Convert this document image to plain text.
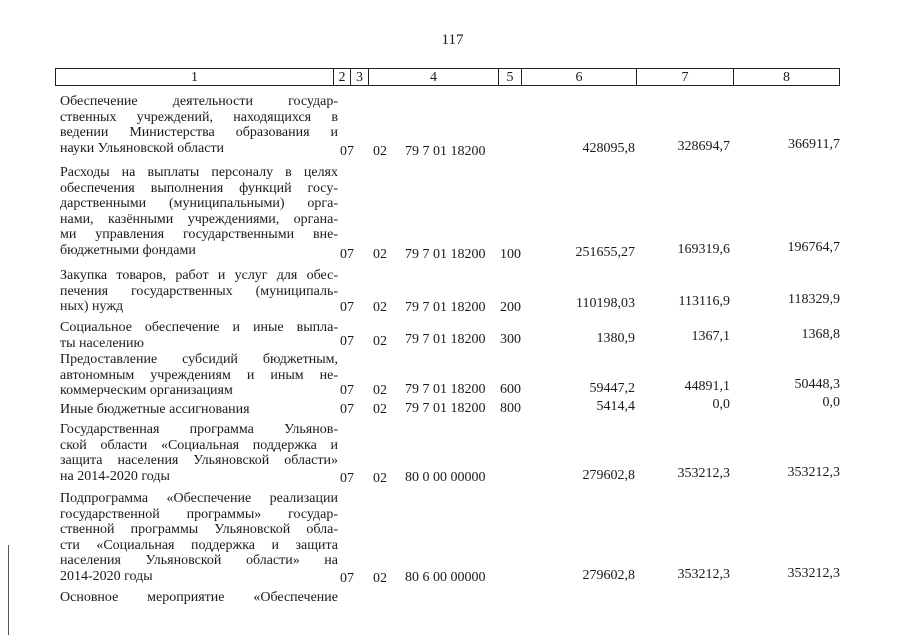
117
1	2 3	4	5	6	7	8
Обеспечение деятельности государ-
ственных учреждений, находящихся в
ведении Министерства образования и
науки Ульяновской области	07 02 79 7 01 18200	428095,8	328694,7	366911,7
Расходы на выплаты персоналу в целях
обеспечения выполнения функций госу-
дарственными (муниципальными) орга-
нами, казёнными учреждениями, органа-
ми управления государственными вне-
бюджетными фондами	07 02 79 7 01 18200 100	251655,27	169319,6	196764,7
Закупка товаров, работ и услуг для обес-
печения государственных (муниципаль-
ных) нужд	07 02 79 7 01 18200 200	110198,03	113116,9	118329,9
Социальное обеспечение и иные выпла-
ты населению	07 02 79 7 01 18200 300	1380,9	1367,1	1368,8
Предоставление субсидий бюджетным,
автономным учреждениям и иным не-
коммерческим организациям	07 02 79 7 01 18200 600	59447,2	44891,1	50448,3
Иные бюджетные ассигнования	07 02 79 7 01 18200 800	5414,4	0,0	0,0
Государственная программа Ульянов-
ской области «Социальная поддержка и
защита населения Ульяновской области»
на 2014-2020 годы	07 02 80 0 00 00000	279602,8	353212,3	353212,3
Подпрограмма «Обеспечение реализации
государственной программы» государ-
ственной программы Ульяновской обла-
сти «Социальная поддержка и защита
населения Ульяновской области» на
2014-2020 годы	07 02 80 6 00 00000	279602,8	353212,3	353212,3
Основное мероприятие «Обеспечение
